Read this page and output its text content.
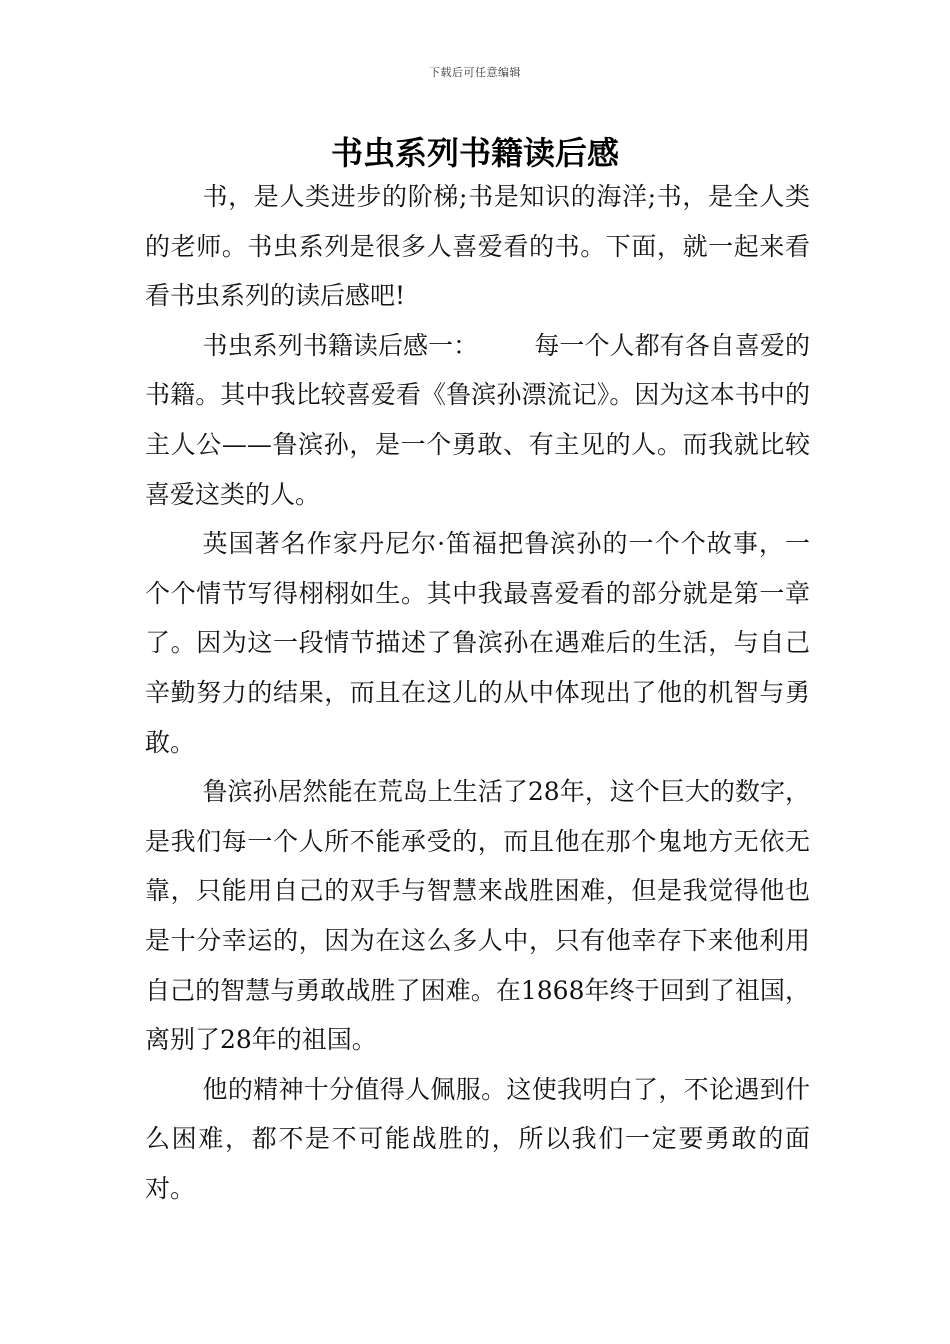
下载后可任意编辑
书虫系列书籍读后感

书，是人类进步的阶梯;书是知识的海洋;书，是全人类的老师。书虫系列是很多人喜爱看的书。下面，就一起来看看书虫系列的读后感吧!

书虫系列书籍读后感一： 每一个人都有各自喜爱的书籍。其中我比较喜爱看《鲁滨孙漂流记》。因为这本书中的主人公——鲁滨孙，是一个勇敢、有主见的人。而我就比较喜爱这类的人。

英国著名作家丹尼尔·笛福把鲁滨孙的一个个故事，一个个情节写得栩栩如生。其中我最喜爱看的部分就是第一章了。因为这一段情节描述了鲁滨孙在遇难后的生活，与自己辛勤努力的结果，而且在这儿的从中体现出了他的机智与勇敢。

鲁滨孙居然能在荒岛上生活了28年，这个巨大的数字，是我们每一个人所不能承受的，而且他在那个鬼地方无依无靠，只能用自己的双手与智慧来战胜困难，但是我觉得他也是十分幸运的，因为在这么多人中，只有他幸存下来他利用自己的智慧与勇敢战胜了困难。在1868年终于回到了祖国，离别了28年的祖国。

他的精神十分值得人佩服。这使我明白了，不论遇到什么困难，都不是不可能战胜的，所以我们一定要勇敢的面对。
